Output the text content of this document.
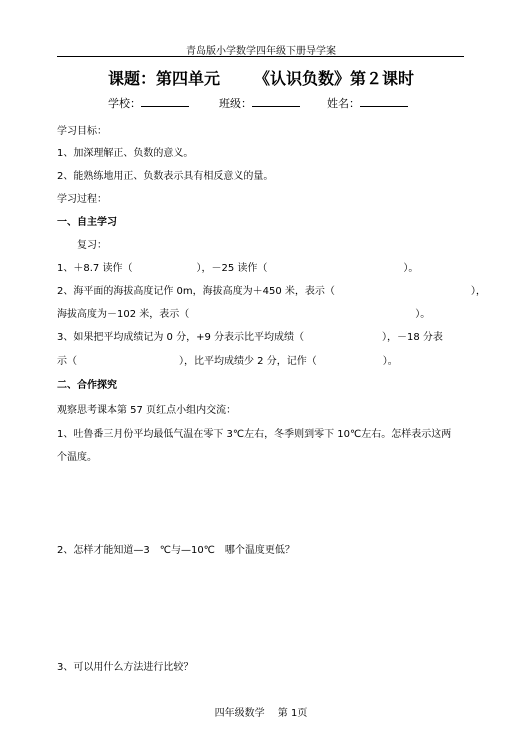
青岛版小学数学四年级下册导学案
课题：第四单元 《认识负数》第２课时
学校：	班级：	姓名：
学习目标：
1、加深理解正、负数的意义。
2、能熟练地用正、负数表示具有相反意义的量。
学习过程：
一、自主学习
复习：
1、＋8.7 读作（	），－25 读作（	）。
2、海平面的海拔高度记作 0m，海拔高度为＋450 米，表示（	），
海拔高度为－102 米，表示（	）。
3、如果把平均成绩记为 0 分，+9 分表示比平均成绩（	），－18 分表
示（	），比平均成绩少 2 分，记作（	）。
二、合作探究
观察思考课本第 57 页红点小组内交流：
1、吐鲁番三月份平均最低气温在零下 3℃左右，冬季则到零下 10℃左右。怎样表示这两
个温度。
2、怎样才能知道—3　℃与—10℃　哪个温度更低？
3、可以用什么方法进行比较？
四年级数学　 第 1页
